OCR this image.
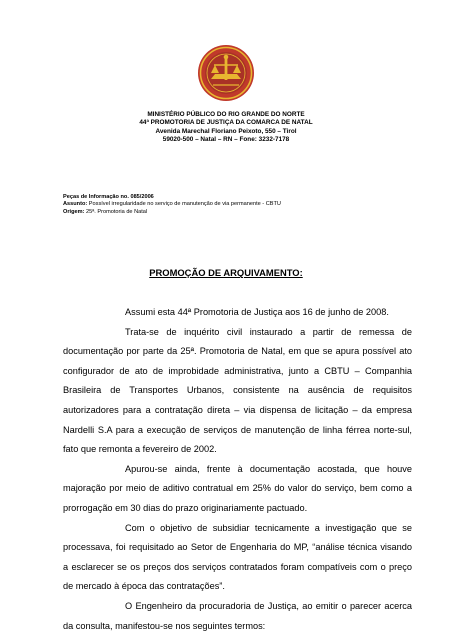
MINISTÉRIO PÚBLICO DO RIO GRANDE DO NORTE
44ª PROMOTORIA DE JUSTIÇA DA COMARCA DE NATAL
Avenida Marechal Floriano Peixoto, 550 – Tirol
59020-500 – Natal – RN – Fone: 3232-7178
Peças de Informação no. 085/2006
Assunto: Possível irregularidade no serviço de manutenção de via permanente - CBTU
Origem: 25ª. Promotoria de Natal
PROMOÇÃO DE ARQUIVAMENTO:
Assumi esta 44ª Promotoria de Justiça aos 16 de junho de 2008.
Trata-se de inquérito civil instaurado a partir de remessa de
documentação por parte da 25ª. Promotoria de Natal, em que se apura possível ato
configurador de ato de improbidade administrativa, junto a CBTU – Companhia
Brasileira de Transportes Urbanos, consistente na ausência de requisitos
autorizadores para a contratação direta – via dispensa de licitação – da empresa
Nardelli S.A para a execução de serviços de manutenção de linha férrea norte-sul,
fato que remonta a fevereiro de 2002.
Apurou-se ainda, frente à documentação acostada, que houve
majoração por meio de aditivo contratual em 25% do valor do serviço, bem como a
prorrogação em 30 dias do prazo originariamente pactuado.
Com o objetivo de subsidiar tecnicamente a investigação que se
processava, foi requisitado ao Setor de Engenharia do MP, “análise técnica visando
a esclarecer se os preços dos serviços contratados foram compatíveis com o preço
de mercado à época das contratações”.
O Engenheiro da procuradoria de Justiça, ao emitir o parecer acerca
da consulta, manifestou-se nos seguintes termos:
